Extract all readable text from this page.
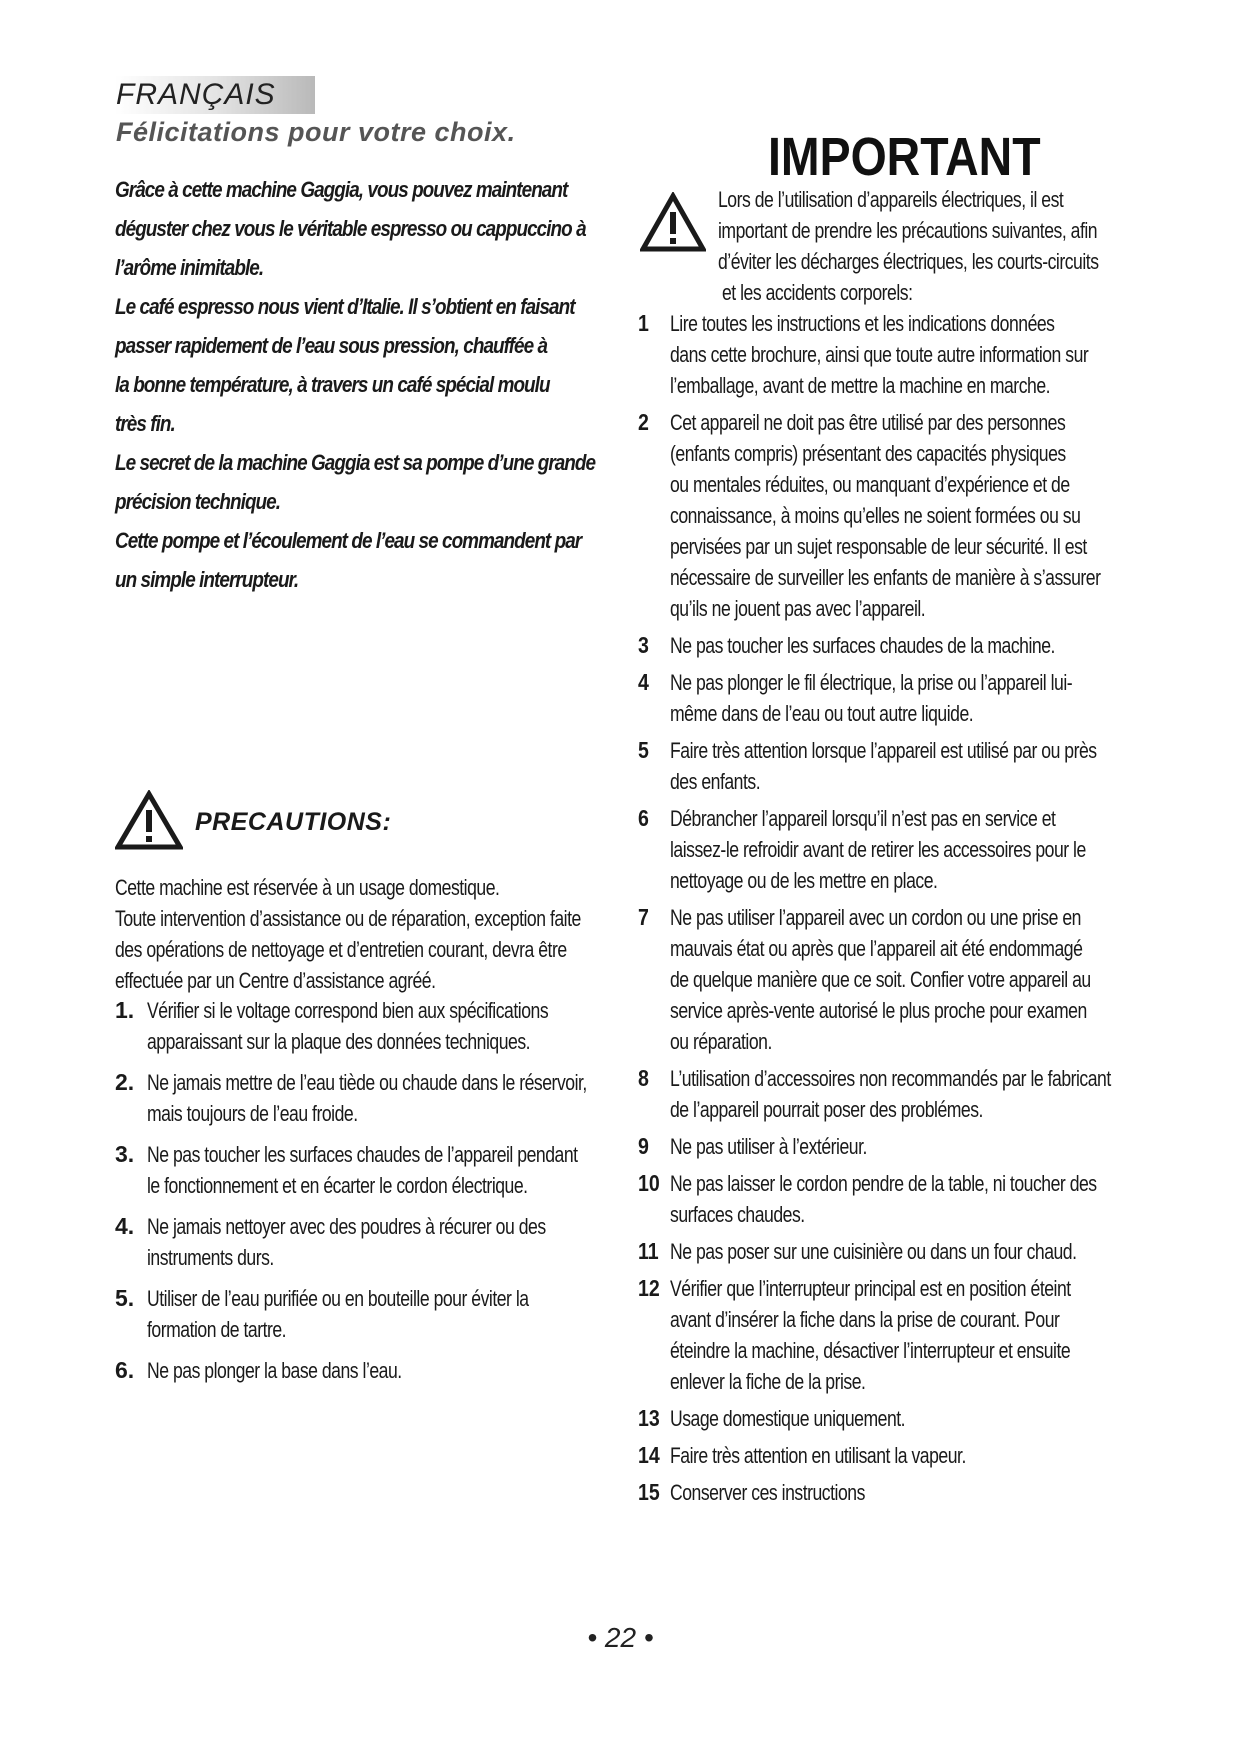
FRANÇAIS
Félicitations pour votre choix.

Grâce à cette machine Gaggia, vous pouvez maintenant

déguster chez vous le véritable espresso ou cappuccino à

l’arôme inimitable.

Le café espresso nous vient d’Italie. Il s’obtient en faisant

passer rapidement de l’eau sous pression, chauffée à

la bonne température, à travers un café spécial moulu

très fin.

Le secret de la machine Gaggia est sa pompe d’une grande

précision technique.

Cette pompe et l’écoulement de l’eau se commandent par

un simple interrupteur.

PRECAUTIONS:
Cette machine est réservée à un usage domestique.
Toute intervention d’assistance ou de réparation, exception faite
des opérations de nettoyage et d’entretien courant, devra être
effectuée par un Centre d’assistance agréé.
1. Vérifier si le voltage correspond bien aux spécifications
apparaissant sur la plaque des données techniques.
2. Ne jamais mettre de l’eau tiède ou chaude dans le réservoir,
mais toujours de l’eau froide.
3. Ne pas toucher les surfaces chaudes de l’appareil pendant
le fonctionnement et en écarter le cordon électrique.
4. Ne jamais nettoyer avec des poudres à récurer ou des
instruments durs.
5. Utiliser de l’eau purifiée ou en bouteille pour éviter la
formation de tartre.
6. Ne pas plonger la base dans l’eau.
IMPORTANT
Lors de l’utilisation d’appareils électriques, il est
important de prendre les précautions suivantes, afin
d’éviter les décharges électriques, les courts-circuits
et les accidents corporels:
1 Lire toutes les instructions et les indications données
dans cette brochure, ainsi que toute autre information sur
l’emballage, avant de mettre la machine en marche.
2 Cet appareil ne doit pas être utilisé par des personnes
(enfants compris) présentant des capacités physiques
ou mentales réduites, ou manquant d’expérience et de
connaissance, à moins qu’elles ne soient formées ou su
pervisées par un sujet responsable de leur sécurité. Il est
nécessaire de surveiller les enfants de manière à s’assurer
qu’ils ne jouent pas avec l’appareil.
3 Ne pas toucher les surfaces chaudes de la machine.
4 Ne pas plonger le fil électrique, la prise ou l’appareil lui-
même dans de l’eau ou tout autre liquide.
5 Faire très attention lorsque l’appareil est utilisé par ou près
des enfants.
6 Débrancher l’appareil lorsqu’il n’est pas en service et
laissez-le refroidir avant de retirer les accessoires pour le
nettoyage ou de les mettre en place.
7 Ne pas utiliser l’appareil avec un cordon ou une prise en
mauvais état ou après que l’appareil ait été endommagé
de quelque manière que ce soit. Confier votre appareil au
service après-vente autorisé le plus proche pour examen
ou réparation.
8 L’utilisation d’accessoires non recommandés par le fabricant
de l’appareil pourrait poser des problémes.
9 Ne pas utiliser à l’extérieur.
10 Ne pas laisser le cordon pendre de la table, ni toucher des
surfaces chaudes.
11 Ne pas poser sur une cuisinière ou dans un four chaud.
12 Vérifier que l’interrupteur principal est en position éteint
avant d’insérer la fiche dans la prise de courant. Pour
éteindre la machine, désactiver l’interrupteur et ensuite
enlever la fiche de la prise.
13 Usage domestique uniquement.
14 Faire très attention en utilisant la vapeur.
15 Conserver ces instructions
• 22 •
